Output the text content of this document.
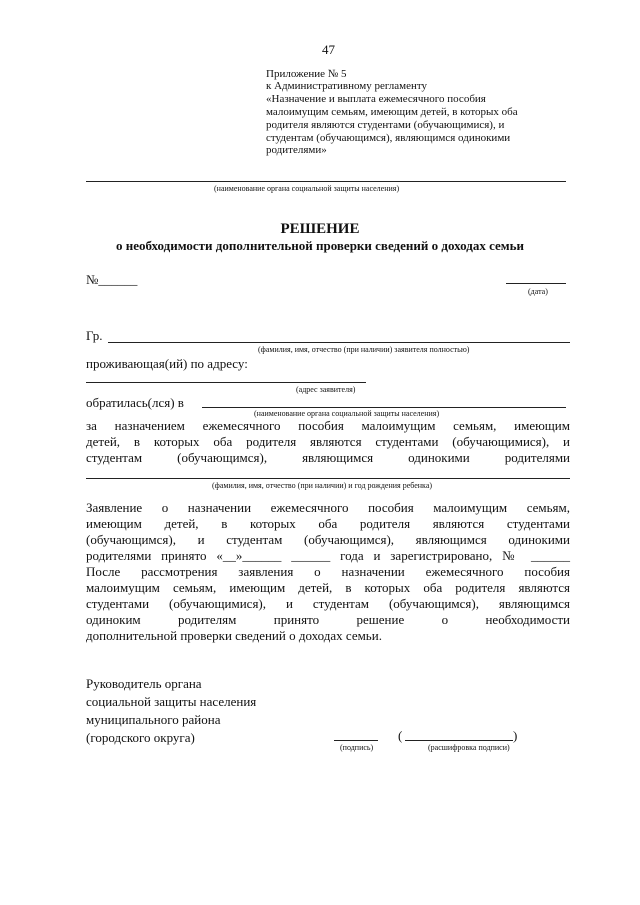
47
Приложение № 5
к Административному регламенту
«Назначение и выплата ежемесячного пособия
малоимущим семьям, имеющим детей, в которых оба
родителя являются студентами (обучающимися), и
студентам (обучающимся), являющимся одинокими
родителями»
(наименование органа социальной защиты населения)
РЕШЕНИЕ
о необходимости дополнительной проверки сведений о доходах семьи
№______
(дата)
Гр.
(фамилия, имя, отчество (при наличии) заявителя полностью)
проживающая(ий) по адресу:
(адрес заявителя)
обратилась(лся) в
(наименование органа социальной защиты населения)
за назначением ежемесячного пособия малоимущим семьям, имеющим
детей, в которых оба родителя являются студентами (обучающимися), и
студентам (обучающимся), являющимся одинокими родителями
(фамилия, имя, отчество (при наличии) и год рождения ребенка)
Заявление о назначении ежемесячного пособия малоимущим семьям,
имеющим детей, в которых оба родителя являются студентами
(обучающимся), и студентам (обучающимся), являющимся одинокими
родителями принято «__»______ ______ года и зарегистрировано, № ______
После рассмотрения заявления о назначении ежемесячного пособия
малоимущим семьям, имеющим детей, в которых оба родителя являются
студентами (обучающимися), и студентам (обучающимся), являющимся
одиноким родителям принято решение о необходимости
дополнительной проверки сведений о доходах семьи.
Руководитель органа
социальной защиты населения
муниципального района
(городского округа)
(подпись)
(	)
(расшифровка подписи)
